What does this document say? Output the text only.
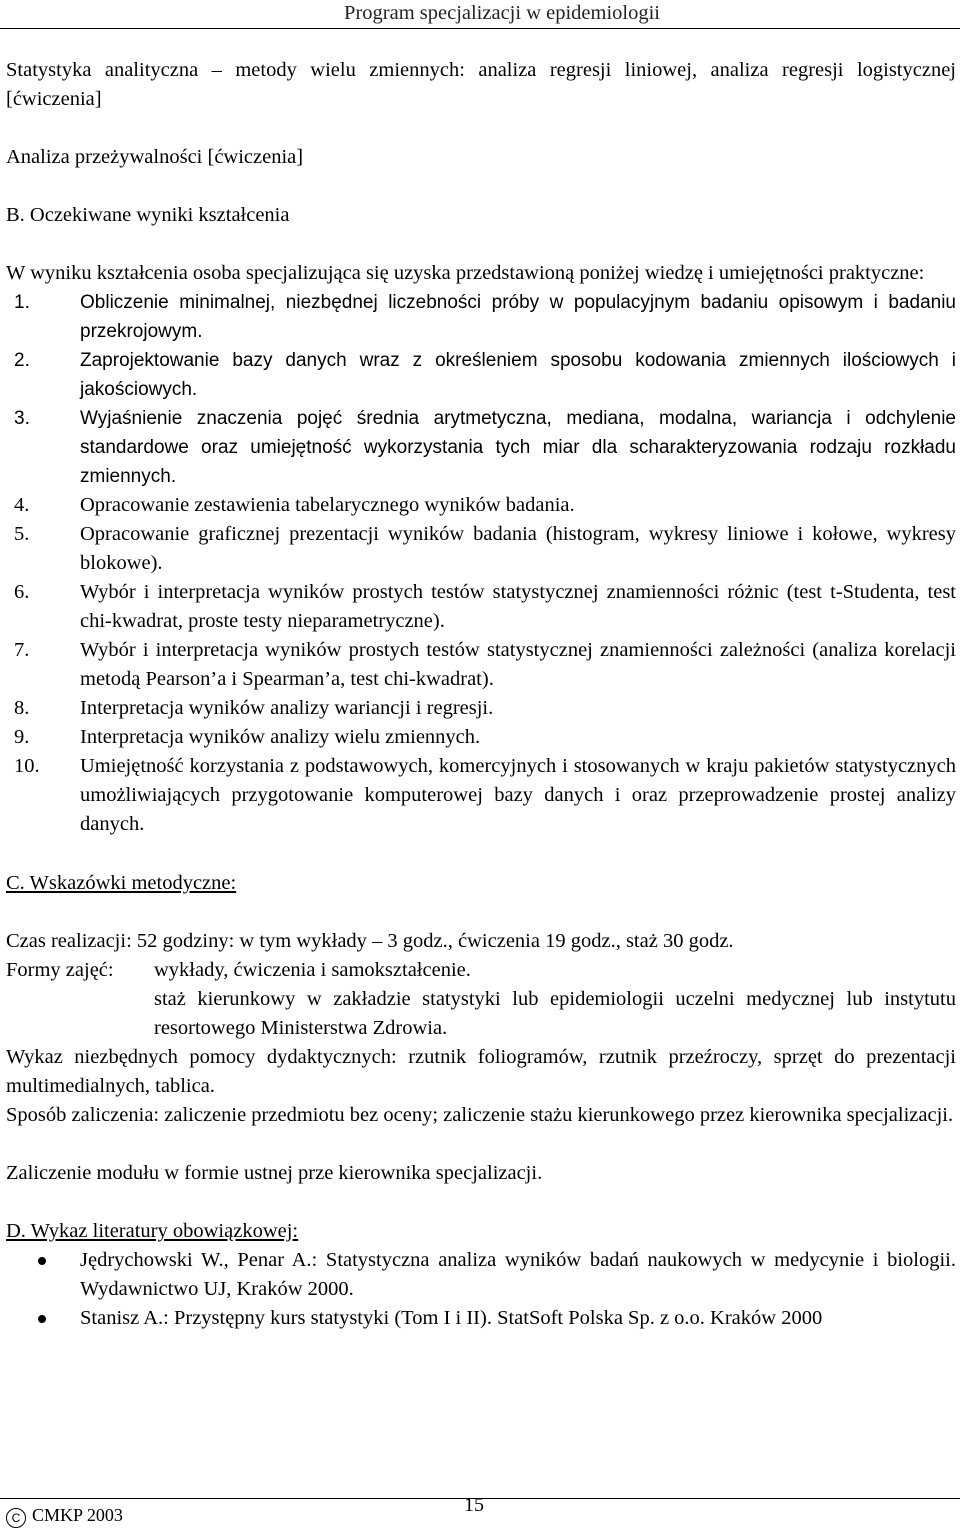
Program specjalizacji w epidemiologii

Statystyka analityczna – metody wielu zmiennych: analiza regresji liniowej, analiza regresji logistycznej [ćwiczenia]

Analiza przeżywalności [ćwiczenia]

B. Oczekiwane wyniki kształcenia

W wyniku kształcenia osoba specjalizująca się uzyska przedstawioną poniżej wiedzę i umiejętności praktyczne:

1.	Obliczenie minimalnej, niezbędnej liczebności próby w populacyjnym badaniu opisowym i badaniu przekrojowym.
2.	Zaprojektowanie bazy danych wraz z określeniem sposobu kodowania zmiennych ilościowych i jakościowych.
3.	Wyjaśnienie znaczenia pojęć średnia arytmetyczna, mediana, modalna, wariancja i odchylenie standardowe oraz umiejętność wykorzystania tych miar dla scharakteryzowania rodzaju rozkładu zmiennych.
4. Opracowanie zestawienia tabelarycznego wyników badania.
5. Opracowanie graficznej prezentacji wyników badania (histogram, wykresy liniowe i kołowe, wykresy blokowe).
6. Wybór i interpretacja wyników prostych testów statystycznej znamienności różnic (test t-Studenta, test chi-kwadrat, proste testy nieparametryczne).
7. Wybór i interpretacja wyników prostych testów statystycznej znamienności zależności (analiza korelacji metodą Pearson’a i Spearman’a, test chi-kwadrat).
8. Interpretacja wyników analizy wariancji i regresji.
9. Interpretacja wyników analizy wielu zmiennych.
10. Umiejętność korzystania z podstawowych, komercyjnych i stosowanych w kraju pakietów statystycznych umożliwiających przygotowanie komputerowej bazy danych i oraz przeprowadzenie prostej analizy danych.

C. Wskazówki metodyczne:

Czas realizacji: 52 godziny: w tym wykłady – 3 godz., ćwiczenia 19 godz., staż 30 godz.

Formy zajęć: wykłady, ćwiczenia i samokształcenie.

staż kierunkowy w zakładzie statystyki lub epidemiologii uczelni medycznej lub instytutu resortowego Ministerstwa Zdrowia.

Wykaz niezbędnych pomocy dydaktycznych: rzutnik foliogramów, rzutnik przeźroczy, sprzęt do prezentacji multimedialnych, tablica.

Sposób zaliczenia: zaliczenie przedmiotu bez oceny; zaliczenie stażu kierunkowego przez kierownika specjalizacji.

Zaliczenie modułu w formie ustnej prze kierownika specjalizacji.

D. Wykaz literatury obowiązkowej:

Jędrychowski W., Penar A.: Statystyczna analiza wyników badań naukowych w medycynie i biologii. Wydawnictwo UJ, Kraków 2000.
Stanisz A.: Przystępny kurs statystyki (Tom I i II). StatSoft Polska Sp. z o.o. Kraków 2000
C CMKP 2003	15
